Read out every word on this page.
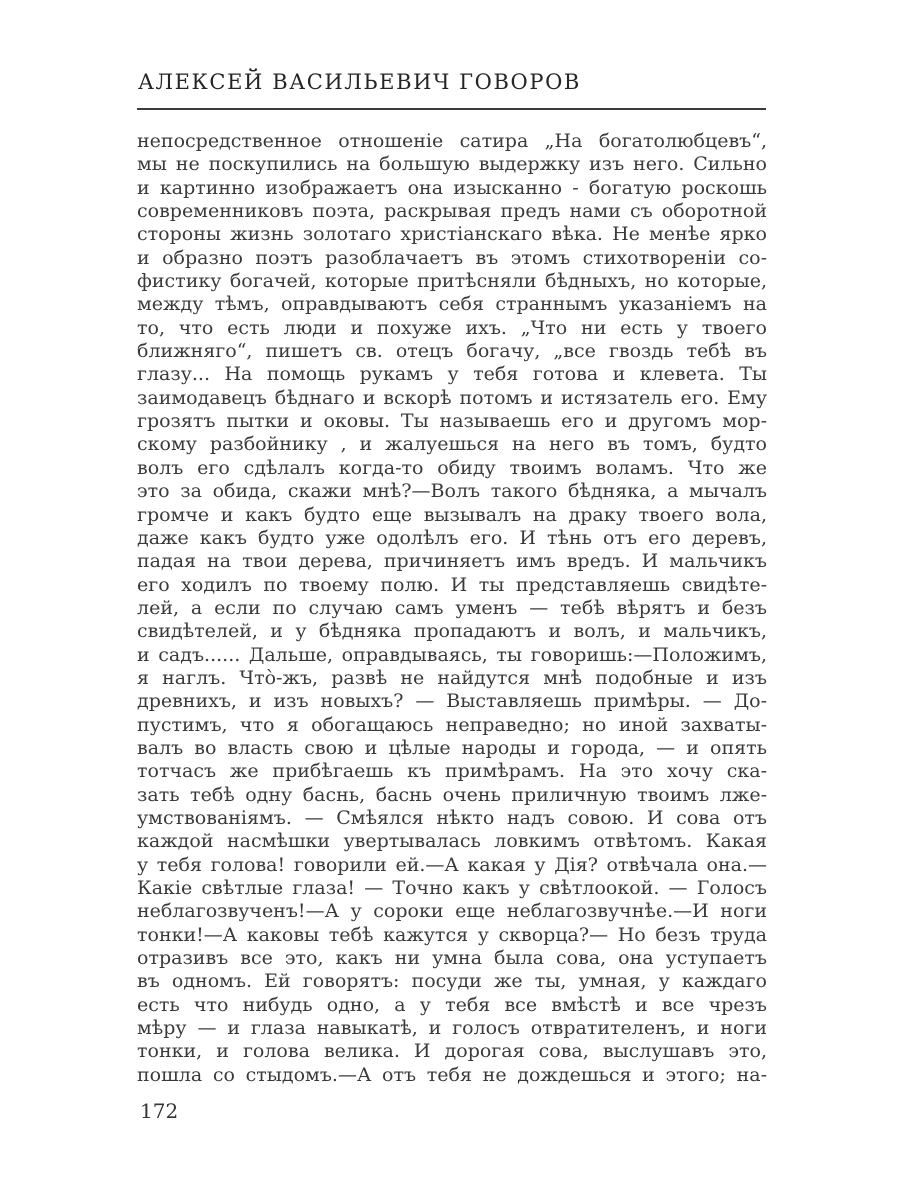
АЛЕКСЕЙ ВАСИЛЬЕВИЧ ГОВОРОВ
непосредственное отношеніе сатира „На богатолюбцевъ“,
мы не поскупились на большую выдержку изъ него. Сильно
и картинно изображаетъ она изысканно - богатую роскошь
современниковъ поэта, раскрывая предъ нами съ оборотной
стороны жизнь золотаго христіанскаго вѣка. Не менѣе ярко
и образно поэтъ разоблачаетъ въ этомъ стихотвореніи со-
фистику богачей, которые притѣсняли бѣдныхъ, но которые,
между тѣмъ, оправдываютъ себя страннымъ указаніемъ на
то, что есть люди и похуже ихъ. „Что ни есть у твоего
ближняго“, пишетъ св. отецъ богачу, „все гвоздь тебѣ въ
глазу... На помощь рукамъ у тебя готова и клевета. Ты
заимодавецъ бѣднаго и вскорѣ потомъ и истязатель его. Ему
грозятъ пытки и оковы. Ты называешь его и другомъ мор-
скому разбойнику , и жалуешься на него въ томъ, будто
волъ его сдѣлалъ когда-то обиду твоимъ воламъ. Что же
это за обида, скажи мнѣ?—Волъ такого бѣдняка, а мычалъ
громче и какъ будто еще вызывалъ на драку твоего вола,
даже какъ будто уже одолѣлъ его. И тѣнь отъ его деревъ,
падая на твои дерева, причиняетъ имъ вредъ. И мальчикъ
его ходилъ по твоему полю. И ты представляешь свидѣте-
лей, а если по случаю самъ уменъ — тебѣ вѣрятъ и безъ
свидѣтелей, и у бѣдняка пропадаютъ и волъ, и мальчикъ,
и садъ...... Дальше, оправдываясь, ты говоришь:—Положимъ,
я наглъ. Что̀-жъ, развѣ не найдутся мнѣ подобные и изъ
древнихъ, и изъ новыхъ? — Выставляешь примѣры. — До-
пустимъ, что я обогащаюсь неправедно; но иной захваты-
валъ во власть свою и цѣлые народы и города, — и опять
тотчасъ же прибѣгаешь къ примѣрамъ. На это хочу ска-
зать тебѣ одну баснь, баснь очень приличную твоимъ лже-
умствованіямъ. — Смѣялся нѣкто надъ совою. И сова отъ
каждой насмѣшки увертывалась ловкимъ отвѣтомъ. Какая
у тебя голова! говорили ей.—А какая у Дія? отвѣчала она.—
Какіе свѣтлые глаза! — Точно какъ у свѣтлоокой. — Голосъ
неблагозвученъ!—А у сороки еще неблагозвучнѣе.—И ноги
тонки!—А каковы тебѣ кажутся у скворца?— Но безъ труда
отразивъ все это, какъ ни умна была сова, она уступаетъ
въ одномъ. Ей говорятъ: посуди же ты, умная, у каждаго
есть что нибудь одно, а у тебя все вмѣстѣ и все чрезъ
мѣру — и глаза навыкатѣ, и голосъ отвратителенъ, и ноги
тонки, и голова велика. И дорогая сова, выслушавъ это,
пошла со стыдомъ.—А отъ тебя не дождешься и этого; на-
172
